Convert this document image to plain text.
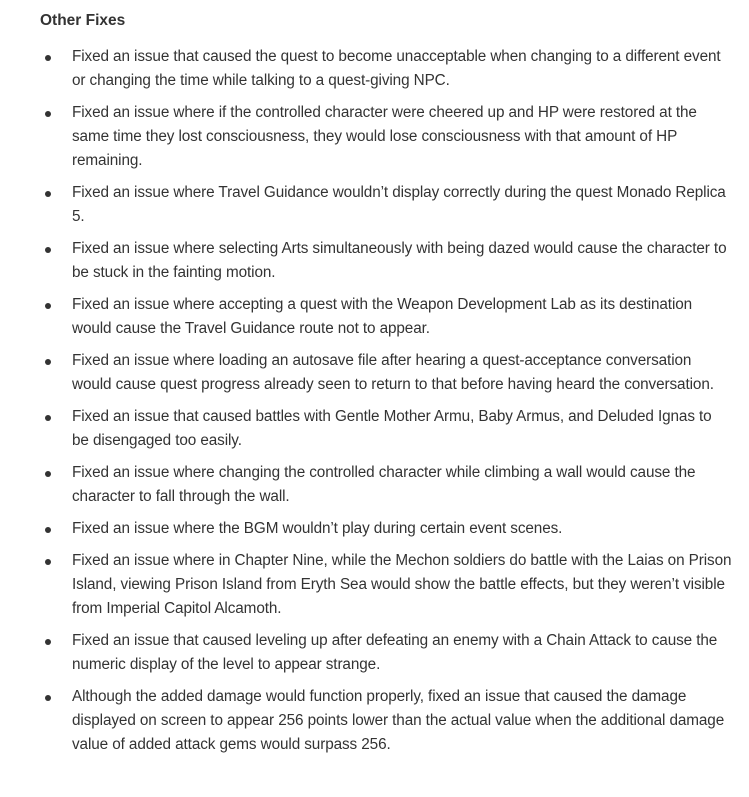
Other Fixes
Fixed an issue that caused the quest to become unacceptable when changing to a different event or changing the time while talking to a quest-giving NPC.
Fixed an issue where if the controlled character were cheered up and HP were restored at the same time they lost consciousness, they would lose consciousness with that amount of HP remaining.
Fixed an issue where Travel Guidance wouldn’t display correctly during the quest Monado Replica 5.
Fixed an issue where selecting Arts simultaneously with being dazed would cause the character to be stuck in the fainting motion.
Fixed an issue where accepting a quest with the Weapon Development Lab as its destination would cause the Travel Guidance route not to appear.
Fixed an issue where loading an autosave file after hearing a quest-acceptance conversation would cause quest progress already seen to return to that before having heard the conversation.
Fixed an issue that caused battles with Gentle Mother Armu, Baby Armus, and Deluded Ignas to be disengaged too easily.
Fixed an issue where changing the controlled character while climbing a wall would cause the character to fall through the wall.
Fixed an issue where the BGM wouldn’t play during certain event scenes.
Fixed an issue where in Chapter Nine, while the Mechon soldiers do battle with the Laias on Prison Island, viewing Prison Island from Eryth Sea would show the battle effects, but they weren’t visible from Imperial Capitol Alcamoth.
Fixed an issue that caused leveling up after defeating an enemy with a Chain Attack to cause the numeric display of the level to appear strange.
Although the added damage would function properly, fixed an issue that caused the damage displayed on screen to appear 256 points lower than the actual value when the additional damage value of added attack gems would surpass 256.
